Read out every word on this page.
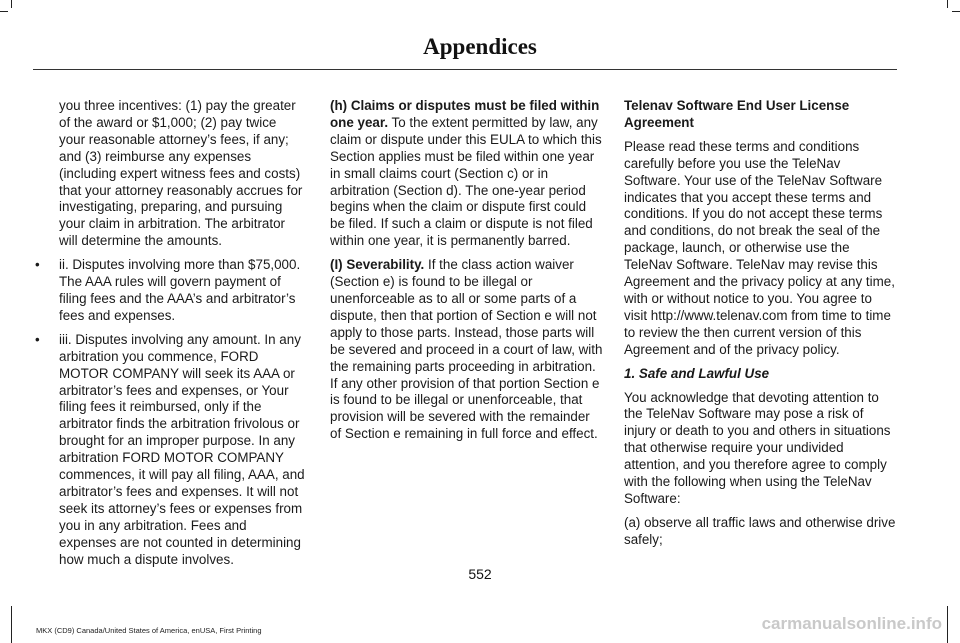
Appendices

you three incentives: (1) pay the greater of the award or $1,000; (2) pay twice your reasonable attorney’s fees, if any; and (3) reimburse any expenses (including expert witness fees and costs) that your attorney reasonably accrues for investigating, preparing, and pursuing your claim in arbitration. The arbitrator will determine the amounts.

• ii. Disputes involving more than $75,000. The AAA rules will govern payment of filing fees and the AAA’s and arbitrator’s fees and expenses.
• iii. Disputes involving any amount. In any arbitration you commence, FORD MOTOR COMPANY will seek its AAA or arbitrator’s fees and expenses, or Your filing fees it reimbursed, only if the arbitrator finds the arbitration frivolous or brought for an improper purpose. In any arbitration FORD MOTOR COMPANY commences, it will pay all filing, AAA, and arbitrator’s fees and expenses. It will not seek its attorney’s fees or expenses from you in any arbitration. Fees and expenses are not counted in determining how much a dispute involves.

(h) Claims or disputes must be filed within one year. To the extent permitted by law, any claim or dispute under this EULA to which this Section applies must be filed within one year in small claims court (Section c) or in arbitration (Section d). The one-year period begins when the claim or dispute first could be filed. If such a claim or dispute is not filed within one year, it is permanently barred.

(I) Severability. If the class action waiver (Section e) is found to be illegal or unenforceable as to all or some parts of a dispute, then that portion of Section e will not apply to those parts. Instead, those parts will be severed and proceed in a court of law, with the remaining parts proceeding in arbitration. If any other provision of that portion Section e is found to be illegal or unenforceable, that provision will be severed with the remainder of Section e remaining in full force and effect.

Telenav Software End User License Agreement

Please read these terms and conditions carefully before you use the TeleNav Software. Your use of the TeleNav Software indicates that you accept these terms and conditions. If you do not accept these terms and conditions, do not break the seal of the package, launch, or otherwise use the TeleNav Software. TeleNav may revise this Agreement and the privacy policy at any time, with or without notice to you. You agree to visit http://www.telenav.com from time to time to review the then current version of this Agreement and of the privacy policy.

1. Safe and Lawful Use

You acknowledge that devoting attention to the TeleNav Software may pose a risk of injury or death to you and others in situations that otherwise require your undivided attention, and you therefore agree to comply with the following when using the TeleNav Software:

(a) observe all traffic laws and otherwise drive safely;

552
MKX (CD9) Canada/United States of America, enUSA, First Printing	carmanualsonline.info
